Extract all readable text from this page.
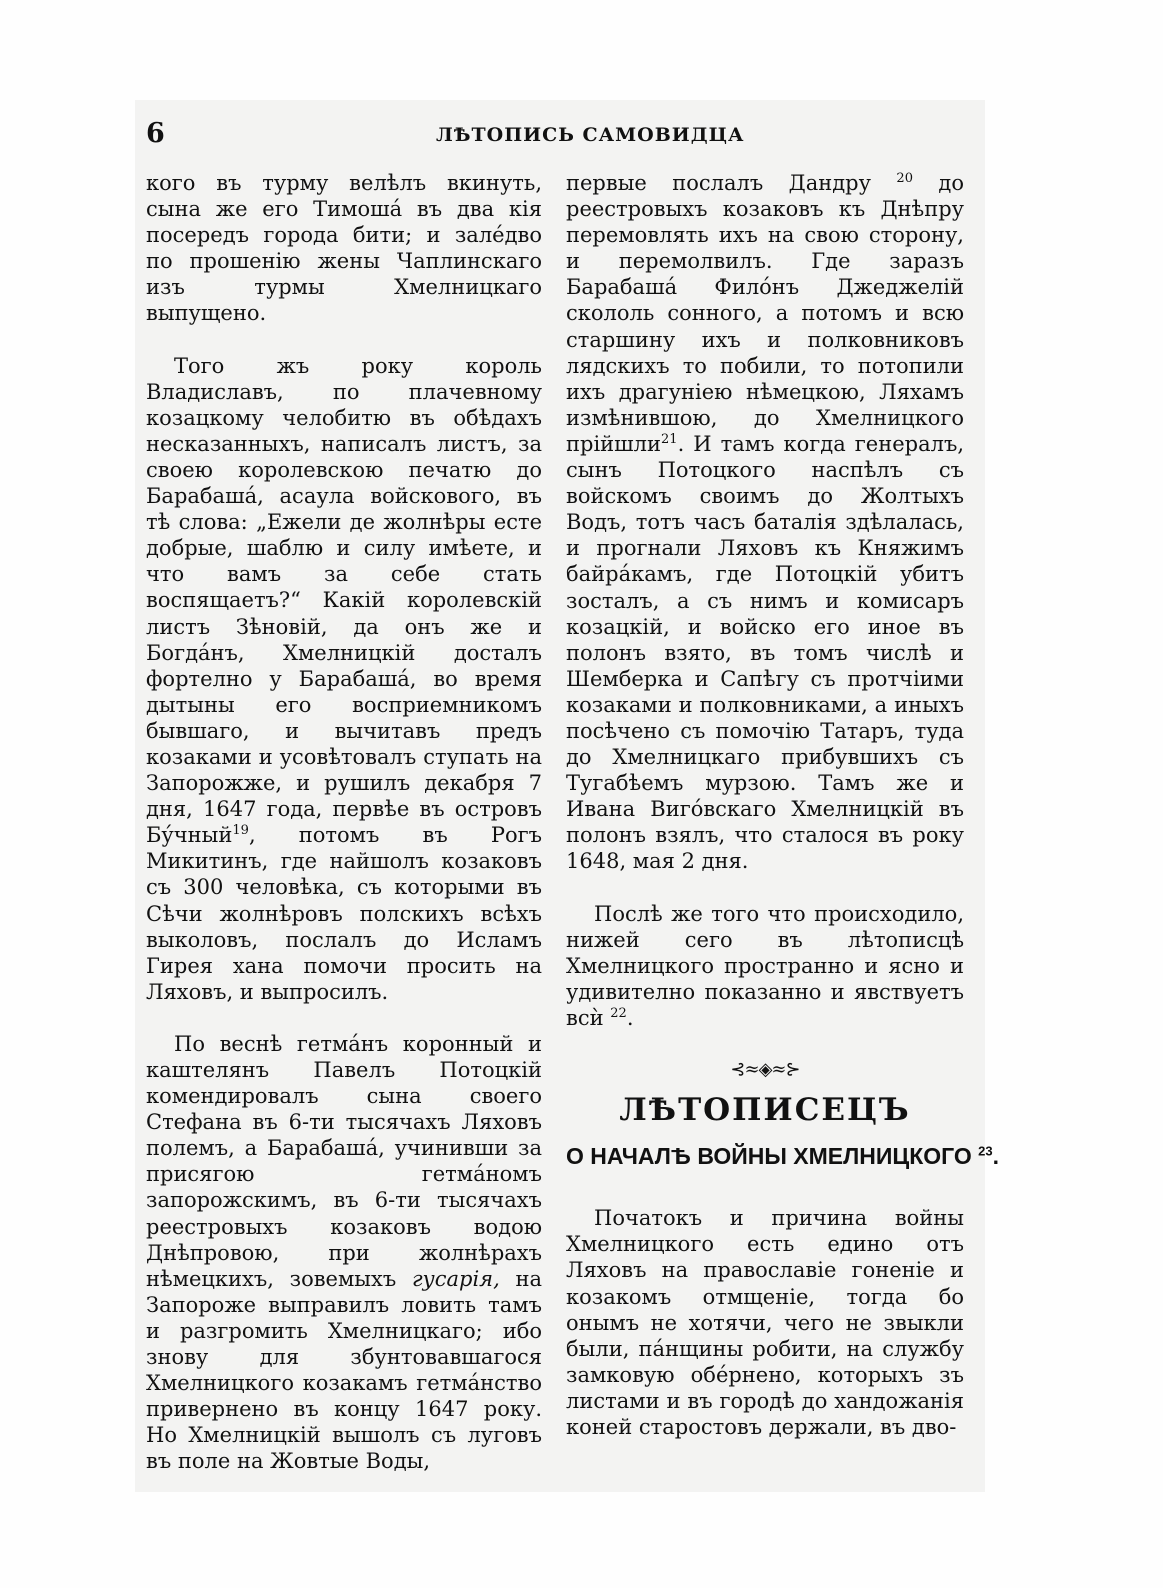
6	ЛѢТОПИСЬ САМОВИДЦА

кого въ турму велѣлъ вкинуть, сына же его Тимоша́ въ два кія посередъ города бити; и зале́дво по прошенію жены Чаплинскаго изъ турмы Хмелницкаго выпущено.

Того жъ року король Владиславъ, по плачевному козацкому челобитю въ обѣдахъ несказанныхъ, написалъ листъ, за своею королевскою печатю до Барабаша́, асаула войскового, въ тѣ слова: „Ежели де жолнѣры есте добрые, шаблю и силу имѣете, и что вамъ за себе стать воспящаетъ?“ Какій королевскій листъ Зѣновій, да онъ же и Богда́нъ, Хмелницкій досталъ фортелно у Барабаша́, во время дытыны его восприемникомъ бывшаго, и вычитавъ предъ козаками и усовѣтовалъ ступать на Запорожже, и рушилъ декабря 7 дня, 1647 года, первѣе въ островъ Бу́чный$^{19}$, потомъ въ Рогъ Микитинъ, где найшолъ козаковъ съ 300 человѣка, съ которыми въ Сѣчи жолнѣровъ полскихъ всѣхъ выколовъ, послалъ до Исламъ Гирея хана помочи просить на Ляховъ, и выпросилъ.

По веснѣ гетма́нъ коронный и каштелянъ Павелъ Потоцкій комендировалъ сына своего Стефана въ 6-ти тысячахъ Ляховъ полемъ, а Барабаша́, учинивши за присягою гетма́номъ запорожскимъ, въ 6-ти тысячахъ реестровыхъ козаковъ водою Днѣпровою, при жолнѣрахъ нѣмецкихъ, зовемыхъ гусарія, на Запороже выправилъ ловить тамъ и разгромить Хмелницкаго; ибо знову для збунтовавшагося Хмелницкого козакамъ гетма́нство привернено въ концу 1647 року. Но Хмелницкій вышолъ съ луговъ въ поле на Жовтые Воды,

первые послалъ Дандру $^{20}$ до реестровыхъ козаковъ къ Днѣпру перемовлять ихъ на свою сторону, и перемолвилъ. Где заразъ Барабаша́ Фило́нъ Джеджелій скололь сонного, а потомъ и всю старшину ихъ и полковниковъ лядскихъ то побили, то потопили ихъ драгуніею нѣмецкою, Ляхамъ измѣнившою, до Хмелницкого прійшли$^{21}$. И тамъ когда генералъ, сынъ Потоцкого наспѣлъ съ войскомъ своимъ до Жолтыхъ Водъ, тотъ часъ баталія здѣлалась, и прогнали Ляховъ къ Княжимъ байра́камъ, где Потоцкій убитъ зосталъ, а съ нимъ и комисаръ козацкій, и войско его иное въ полонъ взято, въ томъ числѣ и Шемберка и Сапѣгу съ протчіими козаками и полковниками, а иныхъ посѣчено съ помочію Татаръ, туда до Хмелницкаго прибувшихъ съ Тугабѣемъ мурзою. Тамъ же и Ивана Виго́вскаго Хмелницкій въ полонъ взялъ, что сталося въ року 1648, мая 2 дня.

Послѣ же того что происходило, нижей сего въ лѣтописцѣ Хмелницкого пространно и ясно и удивително показанно и явствуетъ всѝ $^{22}$.

⊰≈◈≈⊱
ЛѢТОПИСЕЦЪ
О НАЧАЛѢ ВОЙНЫ ХМЕЛНИЦКОГО $^{23}$.

Початокъ и причина войны Хмелницкого есть едино отъ Ляховъ на православіе гоненіе и козакомъ отмщеніе, тогда бо онымъ не хотячи, чего не звыкли были, па́нщины робити, на службу замковую обе́рнено, которыхъ зъ листами и въ городѣ до хандожанія коней старостовъ держали, въ дво-
